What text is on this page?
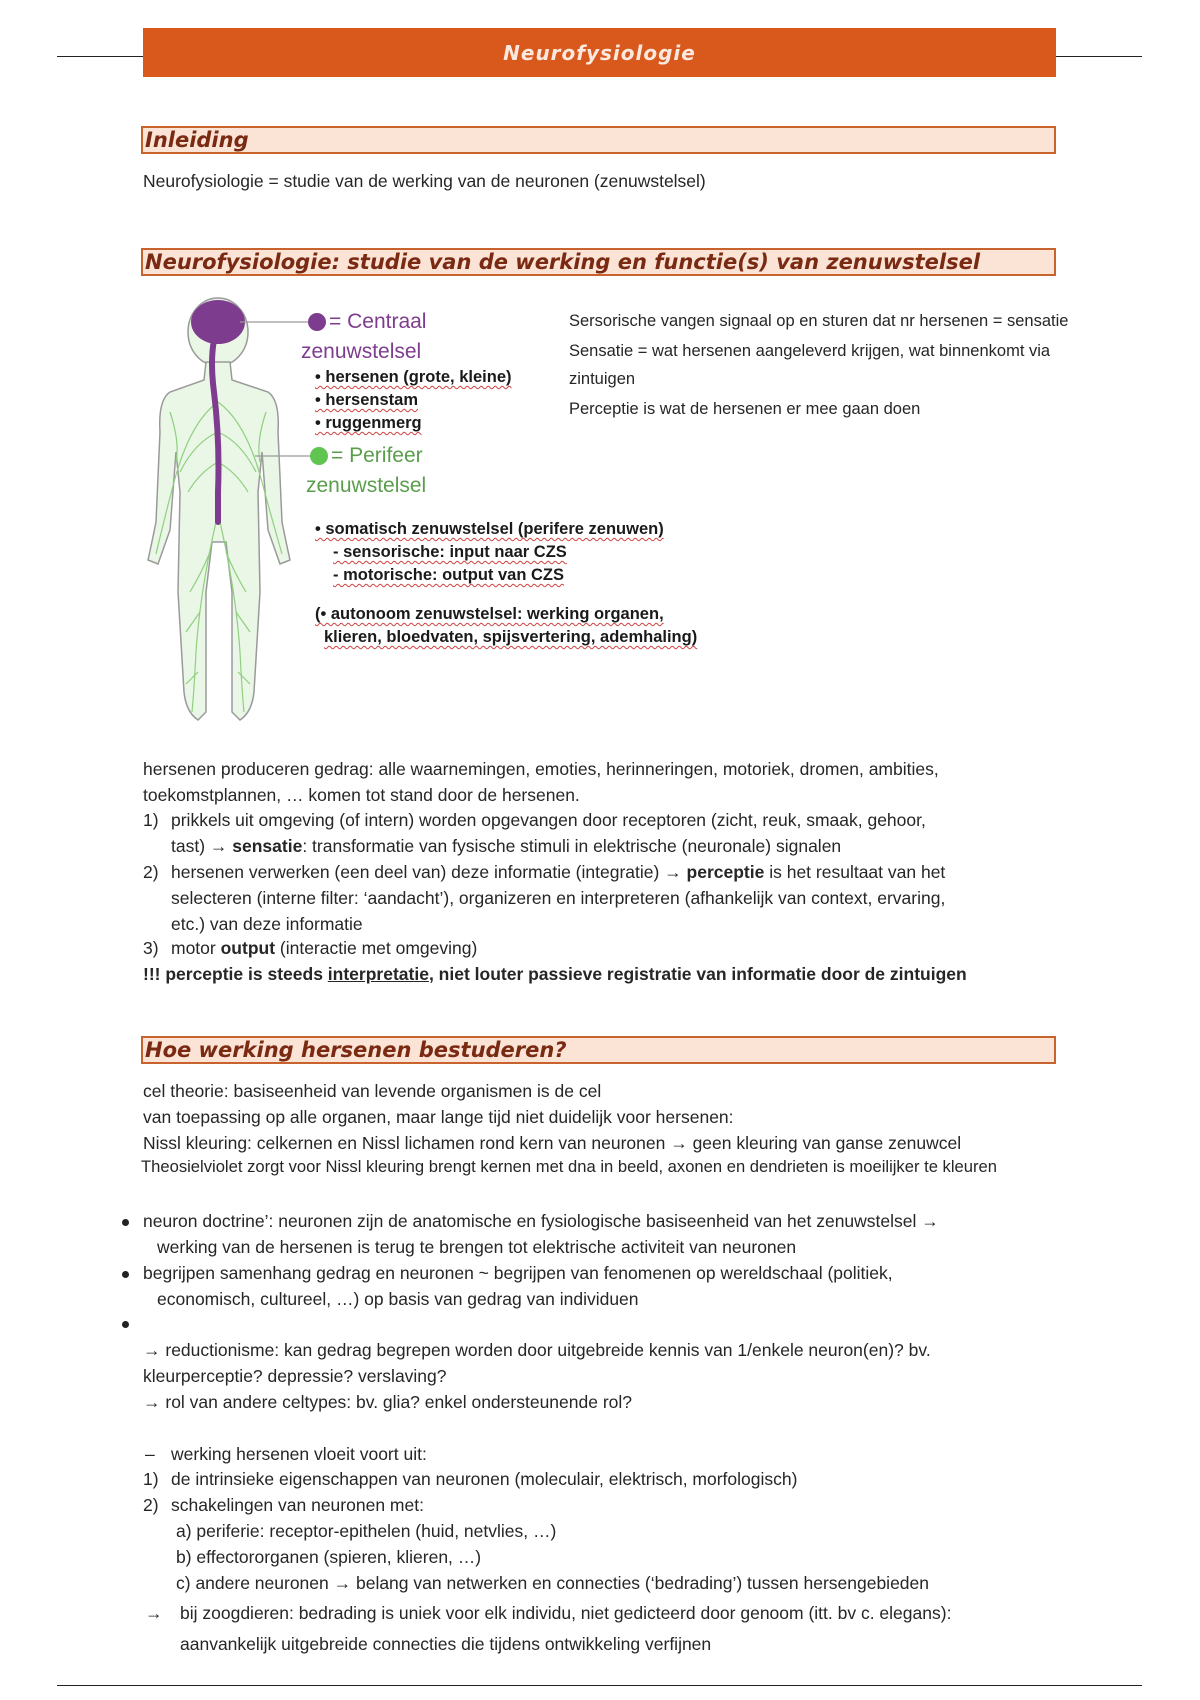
Neurofysiologie
Inleiding
Neurofysiologie = studie van de werking van de neuronen (zenuwstelsel)
Neurofysiologie: studie van de werking en functie(s) van zenuwstelsel
= Centraal
zenuwstelsel
• hersenen (grote, kleine)
• hersenstam
• ruggenmerg
= Perifeer
zenuwstelsel
• somatisch zenuwstelsel (perifere zenuwen)
- sensorische: input naar CZS
- motorische: output van CZS
(• autonoom zenuwstelsel: werking organen,
klieren, bloedvaten, spijsvertering, ademhaling)
Sersorische vangen signaal op en sturen dat nr hersenen = sensatie
Sensatie = wat hersenen aangeleverd krijgen, wat binnenkomt via
zintuigen
Perceptie is wat de hersenen er mee gaan doen
hersenen produceren gedrag: alle waarnemingen, emoties, herinneringen, motoriek, dromen, ambities,
toekomstplannen, … komen tot stand door de hersenen.
1) prikkels uit omgeving (of intern) worden opgevangen door receptoren (zicht, reuk, smaak, gehoor,
tast) → sensatie: transformatie van fysische stimuli in elektrische (neuronale) signalen
2) hersenen verwerken (een deel van) deze informatie (integratie) → perceptie is het resultaat van het
selecteren (interne filter: ‘aandacht’), organizeren en interpreteren (afhankelijk van context, ervaring,
etc.) van deze informatie
3) motor output (interactie met omgeving)
!!! perceptie is steeds interpretatie, niet louter passieve registratie van informatie door de zintuigen
Hoe werking hersenen bestuderen?
cel theorie: basiseenheid van levende organismen is de cel
van toepassing op alle organen, maar lange tijd niet duidelijk voor hersenen:
Nissl kleuring: celkernen en Nissl lichamen rond kern van neuronen → geen kleuring van ganse zenuwcel
Theosielviolet zorgt voor Nissl kleuring brengt kernen met dna in beeld, axonen en dendrieten is moeilijker te kleuren
neuron doctrine’: neuronen zijn de anatomische en fysiologische basiseenheid van het zenuwstelsel →
werking van de hersenen is terug te brengen tot elektrische activiteit van neuronen
begrijpen samenhang gedrag en neuronen ~ begrijpen van fenomenen op wereldschaal (politiek,
economisch, cultureel, …) op basis van gedrag van individuen
→ reductionisme: kan gedrag begrepen worden door uitgebreide kennis van 1/enkele neuron(en)? bv.
kleurperceptie? depressie? verslaving?
→ rol van andere celtypes: bv. glia? enkel ondersteunende rol?
– werking hersenen vloeit voort uit:
1) de intrinsieke eigenschappen van neuronen (moleculair, elektrisch, morfologisch)
2) schakelingen van neuronen met:
a) periferie: receptor-epithelen (huid, netvlies, …)
b) effectororganen (spieren, klieren, …)
c) andere neuronen → belang van netwerken en connecties (‘bedrading’) tussen hersengebieden
→ bij zoogdieren: bedrading is uniek voor elk individu, niet gedicteerd door genoom (itt. bv c. elegans):
aanvankelijk uitgebreide connecties die tijdens ontwikkeling verfijnen
